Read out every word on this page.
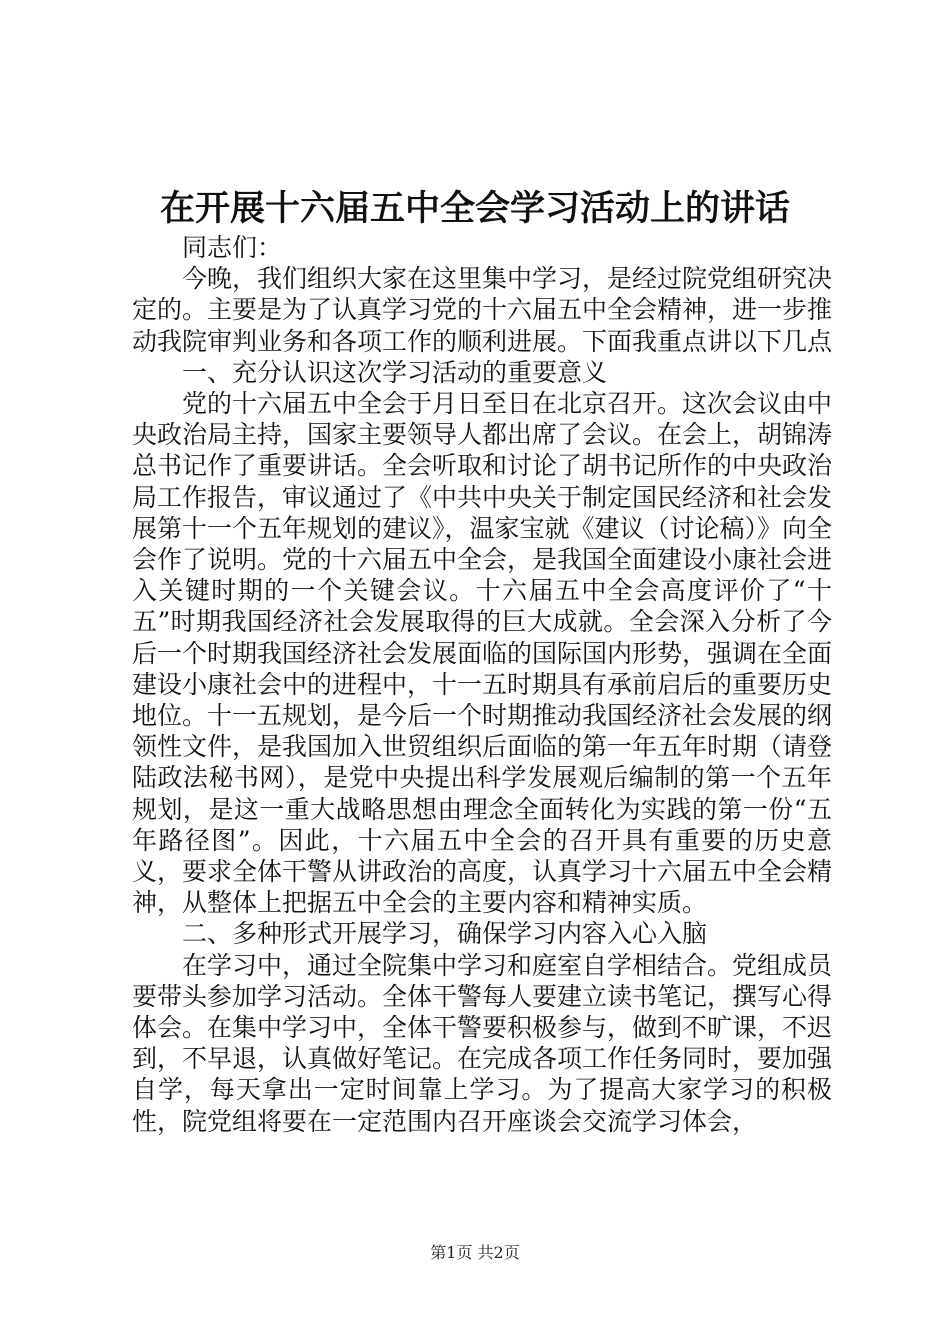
在开展十六届五中全会学习活动上的讲话

同志们：

今晚，我们组织大家在这里集中学习，是经过院党组研究决定的。主要是为了认真学习党的十六届五中全会精神，进一步推动我院审判业务和各项工作的顺利进展。下面我重点讲以下几点

一、充分认识这次学习活动的重要意义

党的十六届五中全会于月日至日在北京召开。这次会议由中央政治局主持，国家主要领导人都出席了会议。在会上，胡锦涛总书记作了重要讲话。全会听取和讨论了胡书记所作的中央政治局工作报告，审议通过了《中共中央关于制定国民经济和社会发展第十一个五年规划的建议》，温家宝就《建议（讨论稿）》向全会作了说明。党的十六届五中全会，是我国全面建设小康社会进入关键时期的一个关键会议。十六届五中全会高度评价了“十五”时期我国经济社会发展取得的巨大成就。全会深入分析了今后一个时期我国经济社会发展面临的国际国内形势，强调在全面建设小康社会中的进程中，十一五时期具有承前启后的重要历史地位。十一五规划，是今后一个时期推动我国经济社会发展的纲领性文件，是我国加入世贸组织后面临的第一年五年时期（请登陆政法秘书网），是党中央提出科学发展观后编制的第一个五年规划，是这一重大战略思想由理念全面转化为实践的第一份“五年路径图”。因此，十六届五中全会的召开具有重要的历史意义，要求全体干警从讲政治的高度，认真学习十六届五中全会精神，从整体上把据五中全会的主要内容和精神实质。

二、多种形式开展学习，确保学习内容入心入脑

在学习中，通过全院集中学习和庭室自学相结合。党组成员要带头参加学习活动。全体干警每人要建立读书笔记，撰写心得体会。在集中学习中，全体干警要积极参与，做到不旷课，不迟到，不早退，认真做好笔记。在完成各项工作任务同时，要加强自学，每天拿出一定时间靠上学习。为了提高大家学习的积极性，院党组将要在一定范围内召开座谈会交流学习体会，

第1页 共2页
